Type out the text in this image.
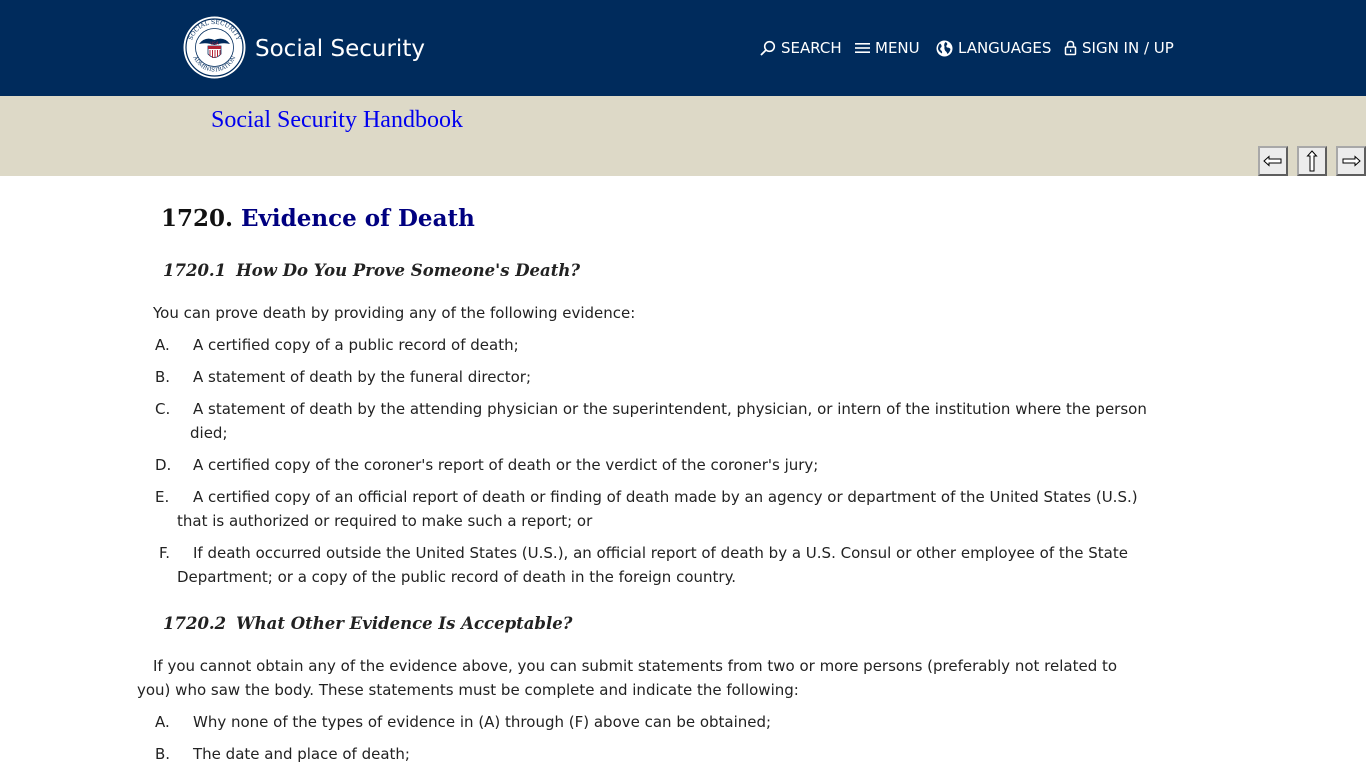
SOCIAL SECURITY
ADMINISTRATION
USA Social Security	SEARCH MENU	LANGUAGES SIGN IN / UP
Social Security Handbook
1720. Evidence of Death
1720.1 How Do You Prove Someone's Death?
You can prove death by providing any of the following evidence:
A. A certified copy of a public record of death;
B. A statement of death by the funeral director;
C. A statement of death by the attending physician or the superintendent, physician, or intern of the institution where the person
died;
D. A certified copy of the coroner's report of death or the verdict of the coroner's jury;
E. A certified copy of an official report of death or finding of death made by an agency or department of the United States (U.S.)
that is authorized or required to make such a report; or
F. If death occurred outside the United States (U.S.), an official report of death by a U.S. Consul or other employee of the State
Department; or a copy of the public record of death in the foreign country.
1720.2 What Other Evidence Is Acceptable?
If you cannot obtain any of the evidence above, you can submit statements from two or more persons (preferably not related to
you) who saw the body. These statements must be complete and indicate the following:
A. Why none of the types of evidence in (A) through (F) above can be obtained;
B. The date and place of death;
